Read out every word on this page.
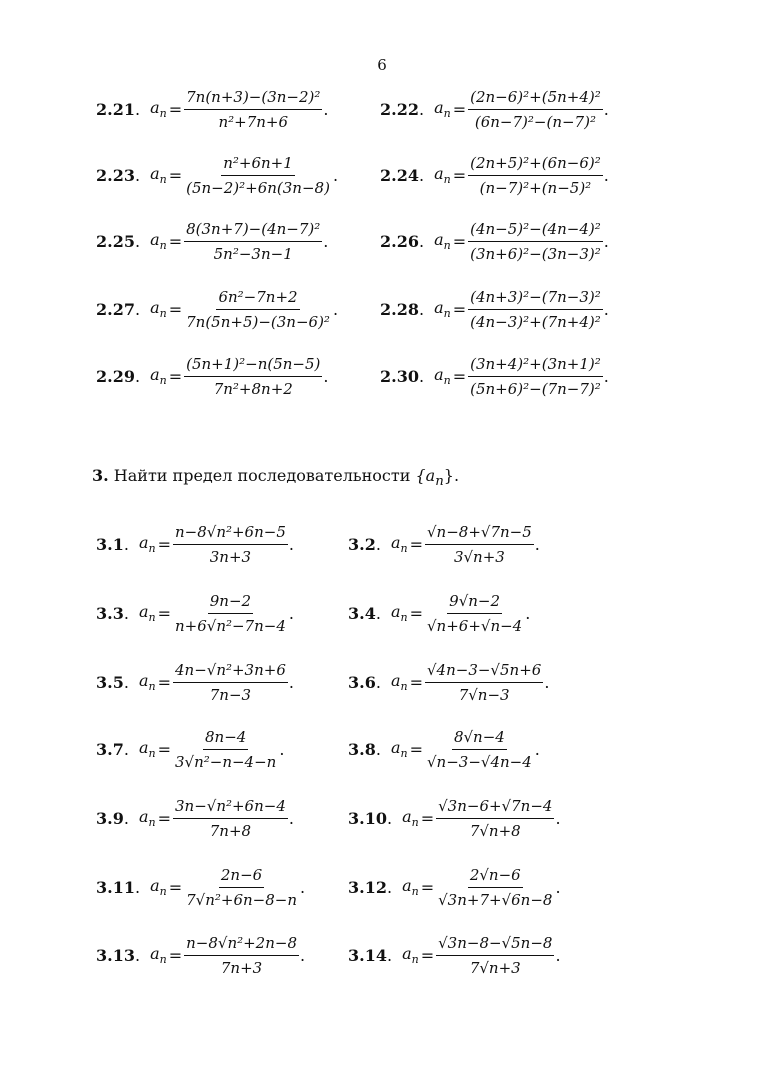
6
2.21. $a_n = \frac{\text{7n(n+3)−(3n−2)²}}{\text{n²+7n+6}}$ .	2.22. $a_n = \frac{\text{(2n−6)²+(5n+4)²}}{\text{(6n−7)²−(n−7)²}}$ .
2.23. $a_n = \frac{\text{n²+6n+1}}{\text{(5n−2)²+6n(3n−8)}}$ .	2.24. $a_n = \frac{\text{(2n+5)²+(6n−6)²}}{\text{(n−7)²+(n−5)²}}$ .
2.25. $a_n = \frac{\text{8(3n+7)−(4n−7)²}}{\text{5n²−3n−1}}$ .	2.26. $a_n = \frac{\text{(4n−5)²−(4n−4)²}}{\text{(3n+6)²−(3n−3)²}}$ .
2.27. $a_n = \frac{\text{6n²−7n+2}}{\text{7n(5n+5)−(3n−6)²}}$ .	2.28. $a_n = \frac{\text{(4n+3)²−(7n−3)²}}{\text{(4n−3)²+(7n+4)²}}$ .
2.29. $a_n = \frac{\text{(5n+1)²−n(5n−5)}}{\text{7n²+8n+2}}$ .	2.30. $a_n = \frac{\text{(3n+4)²+(3n+1)²}}{\text{(5n+6)²−(7n−7)²}}$ .
3. Найти предел последовательности $\{a_n\}$.
3.1. $a_n = \frac{\text{n−8√n²+6n−5}}{3n+3}$ .	3.2. $a_n = \frac{√n-8+√7n-5}{3√n+3}$ .
3.3. $a_n = \frac{9n-2}{\text{n+6√n²−7n−4}}$ .	3.4. $a_n = \frac{9√n-2}{√n+6+√n-4}$ .
3.5. $a_n = \frac{\text{4n−√n²+3n+6}}{7n-3}$ .	3.6. $a_n = \frac{√4n-3-√5n+6}{7√n-3}$ .
3.7. $a_n = \frac{8n-4}{\text{3√n²−n−4−n}}$ .	3.8. $a_n = \frac{8√n-4}{√n-3-√4n-4}$ .
3.9. $a_n = \frac{\text{3n−√n²+6n−4}}{7n+8}$ .	3.10. $a_n = \frac{√3n-6+√7n-4}{7√n+8}$ .
3.11. $a_n = \frac{2n-6}{\text{7√n²+6n−8−n}}$ .	3.12. $a_n = \frac{2√n-6}{√3n+7+√6n-8}$ .
3.13. $a_n = \frac{\text{n−8√n²+2n−8}}{7n+3}$ .	3.14. $a_n = \frac{√3n-8-√5n-8}{7√n+3}$ .
